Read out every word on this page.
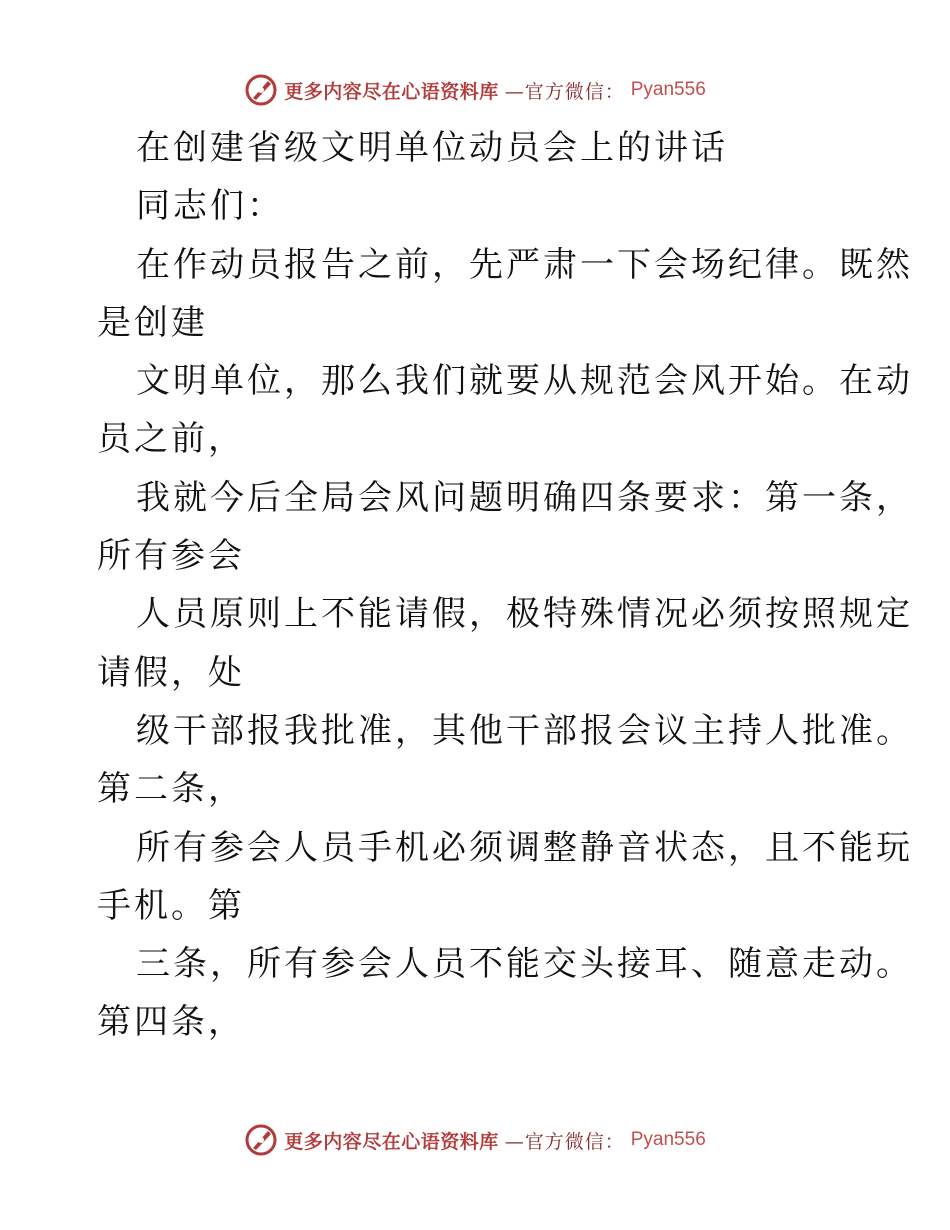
更多内容尽在心语资料库 —官方微信： Pyan556
在创建省级文明单位动员会上的讲话
同志们：
在作动员报告之前，先严肃一下会场纪律。既然
是创建
文明单位，那么我们就要从规范会风开始。在动
员之前，
我就今后全局会风问题明确四条要求：第一条，
所有参会
人员原则上不能请假，极特殊情况必须按照规定
请假，处
级干部报我批准，其他干部报会议主持人批准。
第二条，
所有参会人员手机必须调整静音状态，且不能玩
手机。第
三条，所有参会人员不能交头接耳、随意走动。
第四条，
更多内容尽在心语资料库 —官方微信： Pyan556
